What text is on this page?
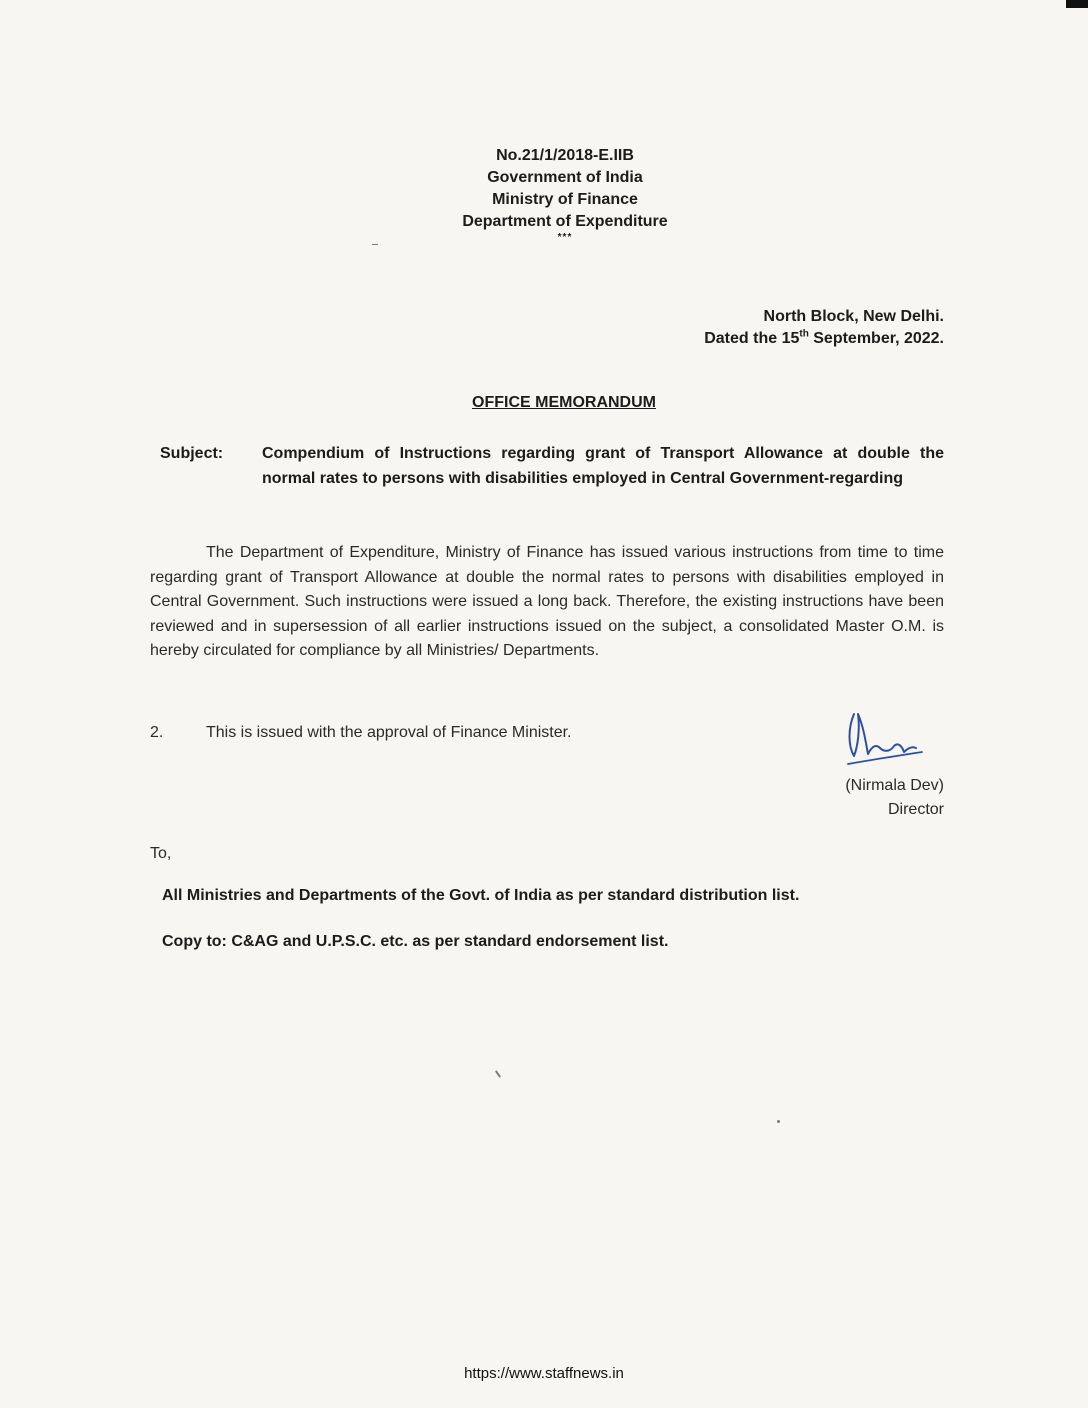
No.21/1/2018-E.IIB
Government of India
Ministry of Finance
Department of Expenditure
***
North Block, New Delhi.
Dated the 15th September, 2022.
OFFICE MEMORANDUM
Subject: Compendium of Instructions regarding grant of Transport Allowance at double the normal rates to persons with disabilities employed in Central Government-regarding
The Department of Expenditure, Ministry of Finance has issued various instructions from time to time regarding grant of Transport Allowance at double the normal rates to persons with disabilities employed in Central Government. Such instructions were issued a long back. Therefore, the existing instructions have been reviewed and in supersession of all earlier instructions issued on the subject, a consolidated Master O.M. is hereby circulated for compliance by all Ministries/ Departments.
2.	This is issued with the approval of Finance Minister.
(Nirmala Dev)
Director
To,
All Ministries and Departments of the Govt. of India as per standard distribution list.
Copy to: C&AG and U.P.S.C. etc. as per standard endorsement list.
https://www.staffnews.in
